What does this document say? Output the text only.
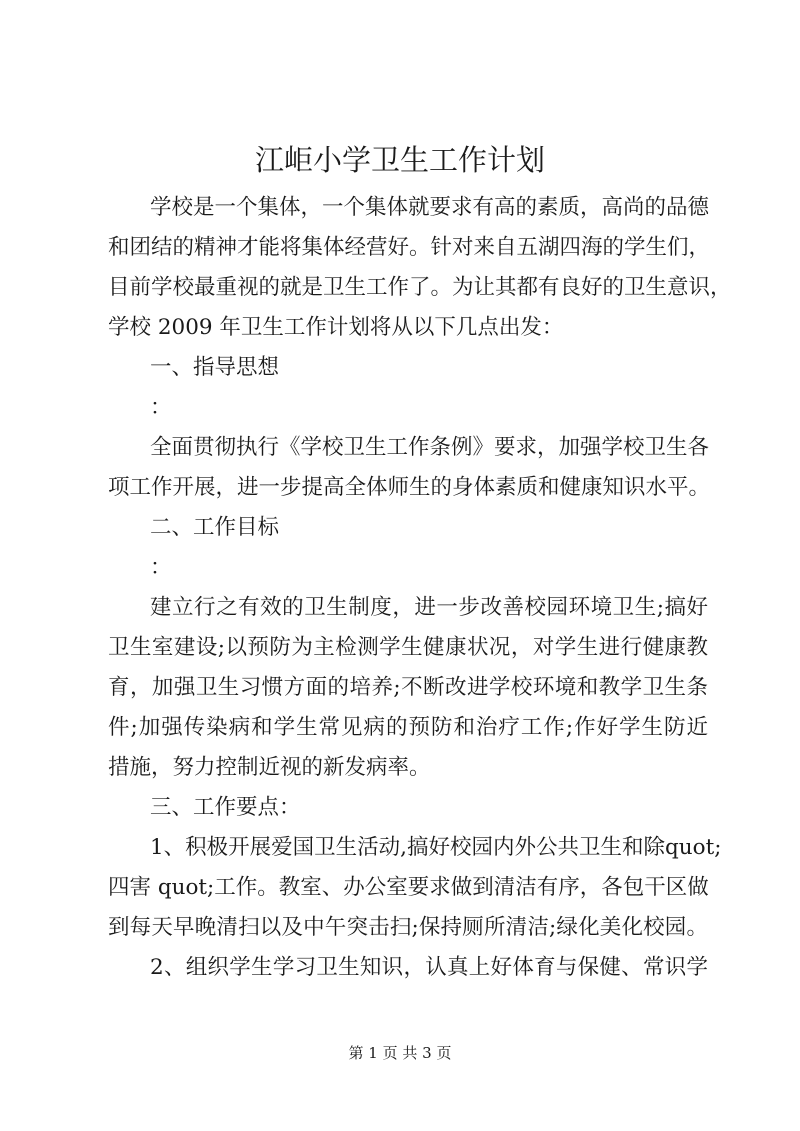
江岠小学卫生工作计划
学校是一个集体，一个集体就要求有高的素质，高尚的品德
和团结的精神才能将集体经营好。针对来自五湖四海的学生们，
目前学校最重视的就是卫生工作了。为让其都有良好的卫生意识，
学校 2009 年卫生工作计划将从以下几点出发：
一、指导思想
：
全面贯彻执行《学校卫生工作条例》要求，加强学校卫生各
项工作开展，进一步提高全体师生的身体素质和健康知识水平。
二、工作目标
：
建立行之有效的卫生制度，进一步改善校园环境卫生;搞好
卫生室建设;以预防为主检测学生健康状况，对学生进行健康教
育，加强卫生习惯方面的培养;不断改进学校环境和教学卫生条
件;加强传染病和学生常见病的预防和治疗工作;作好学生防近
措施，努力控制近视的新发病率。
三、工作要点：
1、积极开展爱国卫生活动,搞好校园内外公共卫生和除quot;
四害 quot;工作。教室、办公室要求做到清洁有序，各包干区做
到每天早晚清扫以及中午突击扫;保持厕所清洁;绿化美化校园。
2、组织学生学习卫生知识，认真上好体育与保健、常识学
第 1 页 共 3 页
